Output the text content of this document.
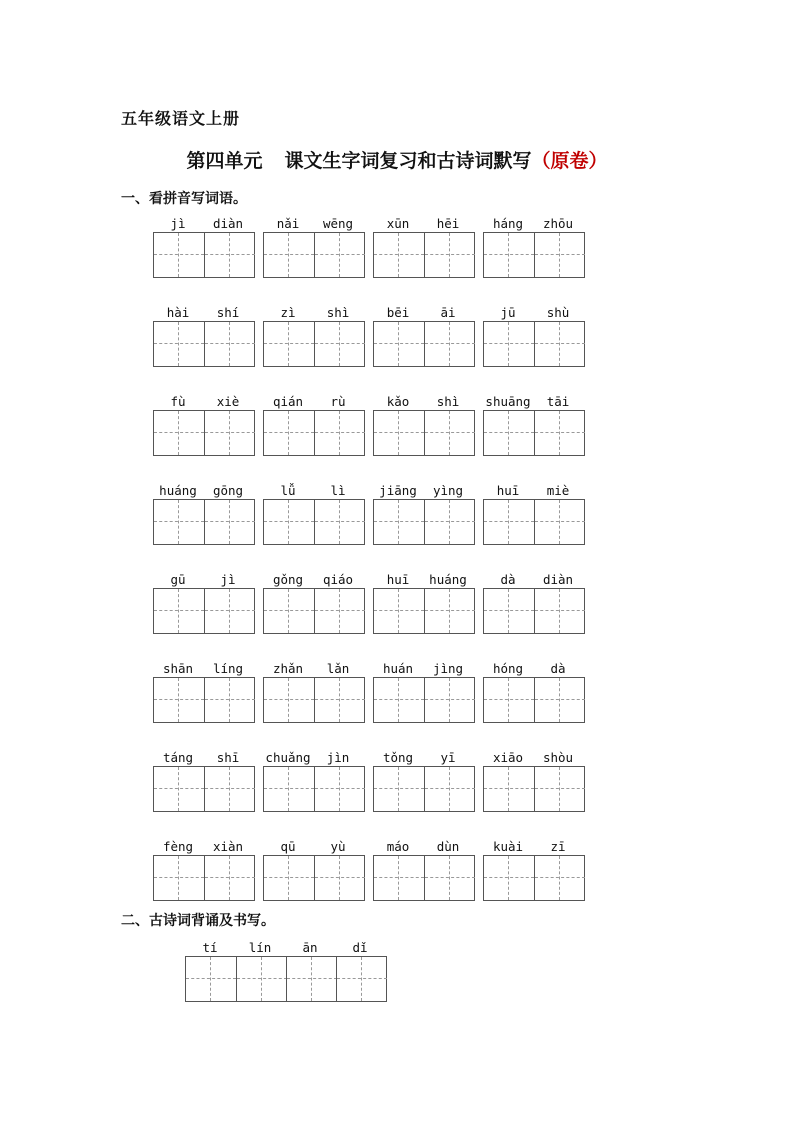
五年级语文上册
第四单元 课文生字词复习和古诗词默写（原卷）
一、看拼音写词语。
jì	diàn	nǎi	wēng	xūn	hēi	háng	zhōu
hài	shí	zì	shì	bēi	āi	jū	shù
fù	xiè	qián	rù	kǎo	shì	shuāng	tāi
huáng	gōng	lǚ	lì	jiāng	yìng	huī	miè
gū	jì	gǒng	qiáo	huī	huáng	dà	diàn
shān	líng	zhǎn	lǎn	huán	jìng	hóng	dà
táng	shī	chuǎng	jìn	tǒng	yī	xiāo	shòu
fèng	xiàn	qū	yù	máo	dùn	kuài	zī
二、古诗词背诵及书写。
tí	lín	ān	dǐ
